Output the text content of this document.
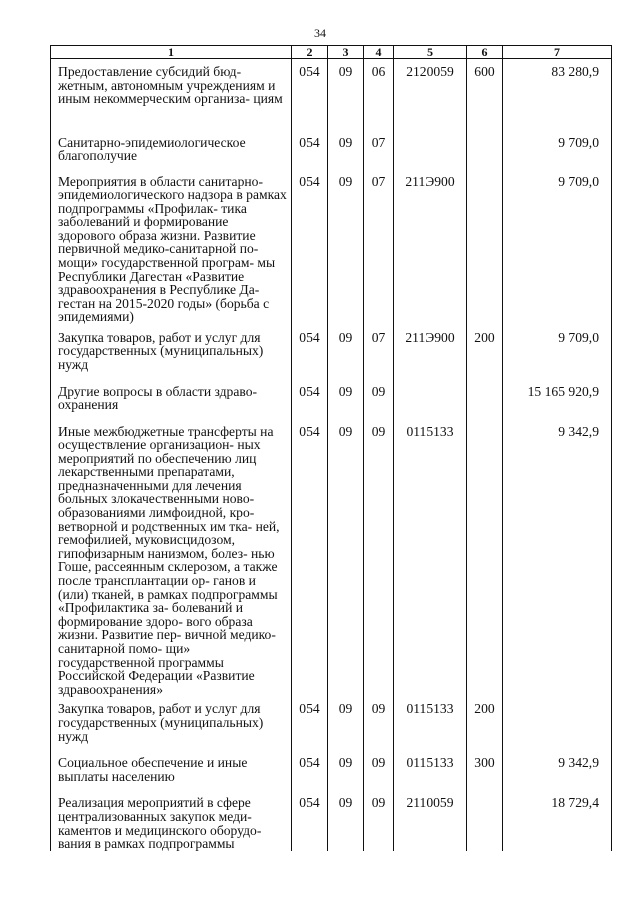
34
1	2	3	4	5	6	7
Предоставление субсидий бюд- жетным, автономным учреждениям и иным некоммерческим организа- циям	054	09	06	2120059	600	83 280,9
Санитарно-эпидемиологическое благополучие	054	09	07			9 709,0
Мероприятия в области санитарно- эпидемиологического надзора в рамках подпрограммы «Профилак- тика заболеваний и формирование здорового образа жизни. Развитие первичной медико-санитарной по- мощи» государственной програм- мы Республики Дагестан «Развитие здравоохранения в Республике Да- гестан на 2015-2020 годы» (борьба с эпидемиями)	054	09	07	211Э900		9 709,0
Закупка товаров, работ и услуг для государственных (муниципальных) нужд	054	09	07	211Э900	200	9 709,0
Другие вопросы в области здраво- охранения	054	09	09			15 165 920,9
Иные межбюджетные трансферты на осуществление организацион- ных мероприятий по обеспечению лиц лекарственными препаратами, предназначенными для лечения больных злокачественными ново- образованиями лимфоидной, кро- ветворной и родственных им тка- ней, гемофилией, муковисцидозом, гипофизарным нанизмом, болез- нью Гоше, рассеянным склерозом, а также после трансплантации ор- ганов и (или) тканей, в рамках подпрограммы «Профилактика за- болеваний и формирование здоро- вого образа жизни. Развитие пер- вичной медико-санитарной помо- щи» государственной программы Российской Федерации «Развитие здравоохранения»	054	09	09	0115133		9 342,9
Закупка товаров, работ и услуг для государственных (муниципальных) нужд	054	09	09	0115133	200	
Социальное обеспечение и иные выплаты населению	054	09	09	0115133	300	9 342,9
Реализация мероприятий в сфере централизованных закупок меди- каментов и медицинского оборудо- вания в рамках подпрограммы	054	09	09	2110059		18 729,4
